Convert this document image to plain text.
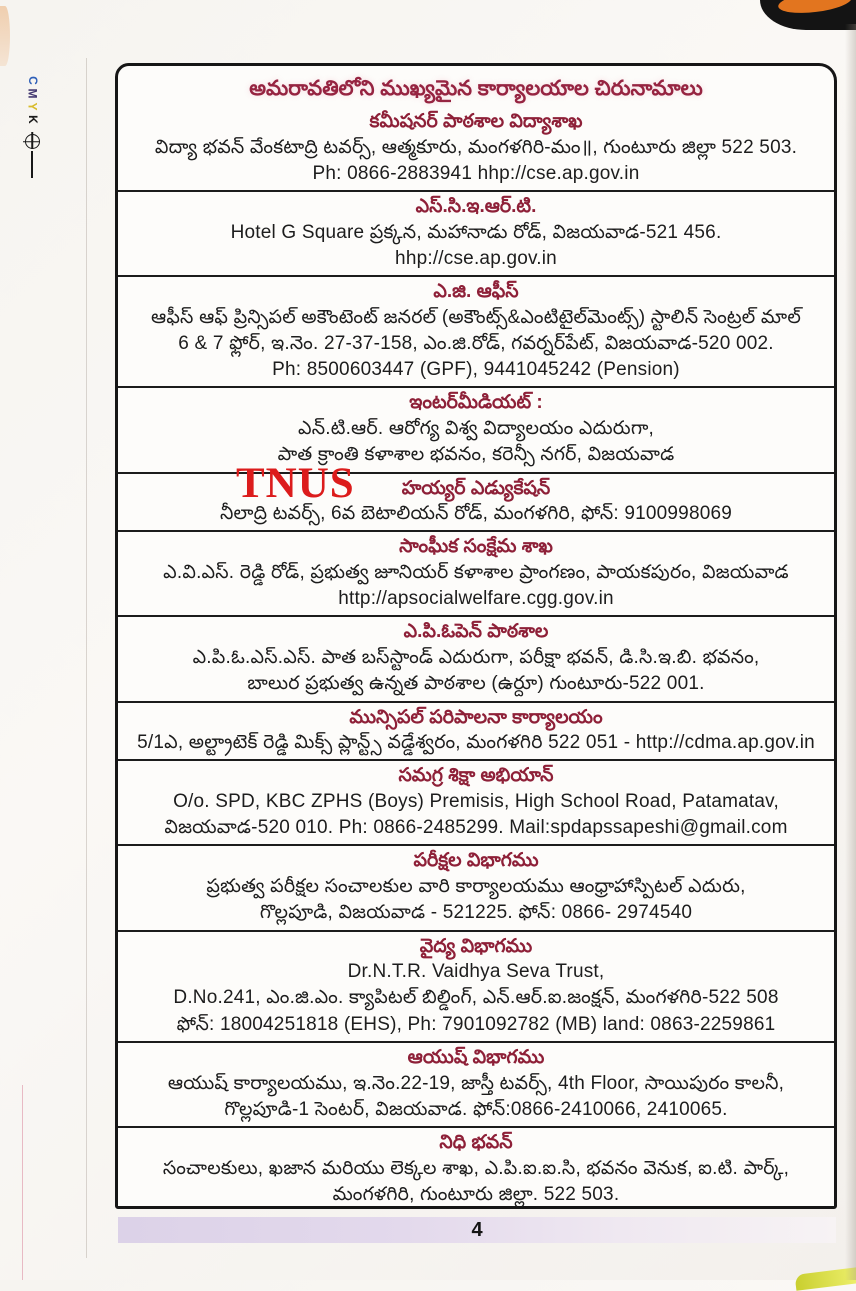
C
M
Y
K
TNUS
అమరావతిలోని ముఖ్యమైన కార్యాలయాల చిరునామాలు
కమీషనర్ పాఠశాల విద్యాశాఖ
విద్యా భవన్ వేంకటాద్రి టవర్స్, ఆత్మకూరు, మంగళగిరి-మం॥, గుంటూరు జిల్లా 522 503.
Ph: 0866-2883941 hhp://cse.ap.gov.in
ఎస్.సి.ఇ.ఆర్.టి.
Hotel G Square ప్రక్కన, మహానాడు రోడ్, విజయవాడ-521 456.
hhp://cse.ap.gov.in
ఎ.జి. ఆఫీస్
ఆఫీస్ ఆఫ్ ప్రిన్సిపల్ అకౌంటెంట్ జనరల్ (అకౌంట్స్&ఎంటిటైల్‌మెంట్స్) స్టాలిన్ సెంట్రల్ మాల్
6 & 7 ఫ్లోర్, ఇ.నెం. 27-37-158, ఎం.జి.రోడ్, గవర్నర్‌పేట్, విజయవాడ-520 002.
Ph: 8500603447 (GPF), 9441045242 (Pension)
ఇంటర్‌మీడియట్ :
ఎన్.టి.ఆర్. ఆరోగ్య విశ్వ విద్యాలయం ఎదురుగా,
పాత క్రాంతి కళాశాల భవనం, కరెన్సీ నగర్, విజయవాడ
హయ్యర్ ఎడ్యుకేషన్
నీలాద్రి టవర్స్, 6వ బెటాలియన్ రోడ్, మంగళగిరి, ఫోన్: 9100998069
సాంఘీక సంక్షేమ శాఖ
ఎ.వి.ఎస్. రెడ్డి రోడ్, ప్రభుత్వ జూనియర్ కళాశాల ప్రాంగణం, పాయకపురం, విజయవాడ
http://apsocialwelfare.cgg.gov.in
ఎ.పి.ఓపెన్ పాఠశాల
ఎ.పి.ఓ.ఎస్.ఎస్. పాత బస్‌స్టాండ్ ఎదురుగా, పరీక్షా భవన్, డి.సి.ఇ.బి. భవనం,
బాలుర ప్రభుత్వ ఉన్నత పాఠశాల (ఉర్దూ) గుంటూరు-522 001.
మున్సిపల్ పరిపాలనా కార్యాలయం
5/1ఎ, అల్ట్రాటెక్ రెడ్డి మిక్స్ ప్లాన్ట్స్ వడ్డేశ్వరం, మంగళగిరి 522 051 - http://cdma.ap.gov.in
సమగ్ర శిక్షా అభియాన్
O/o. SPD, KBC ZPHS (Boys) Premisis, High School Road, Patamatav,
విజయవాడ-520 010. Ph: 0866-2485299. Mail:spdapssapeshi@gmail.com
పరీక్షల విభాగము
ప్రభుత్వ పరీక్షల సంచాలకుల వారి కార్యాలయము ఆంధ్రాహాస్పిటల్ ఎదురు,
గొల్లపూడి, విజయవాడ - 521225. ఫోన్: 0866- 2974540
వైద్య విభాగము
Dr.N.T.R. Vaidhya Seva Trust,
D.No.241, ఎం.జి.ఎం. క్యాపిటల్ బిల్డింగ్, ఎన్.ఆర్.ఐ.జంక్షన్, మంగళగిరి-522 508
ఫోన్: 18004251818 (EHS), Ph: 7901092782 (MB) land: 0863-2259861
ఆయుష్ విభాగము
ఆయుష్ కార్యాలయము, ఇ.నెం.22-19, జాస్తీ టవర్స్, 4th Floor, సాయిపురం కాలనీ,
గొల్లపూడి-1 సెంటర్, విజయవాడ. ఫోన్:0866-2410066, 2410065.
నిధి భవన్
సంచాలకులు, ఖజాన మరియు లెక్కల శాఖ, ఎ.పి.ఐ.ఐ.సి, భవనం వెనుక, ఐ.టి. పార్క్,
మంగళగిరి, గుంటూరు జిల్లా. 522 503.
4
